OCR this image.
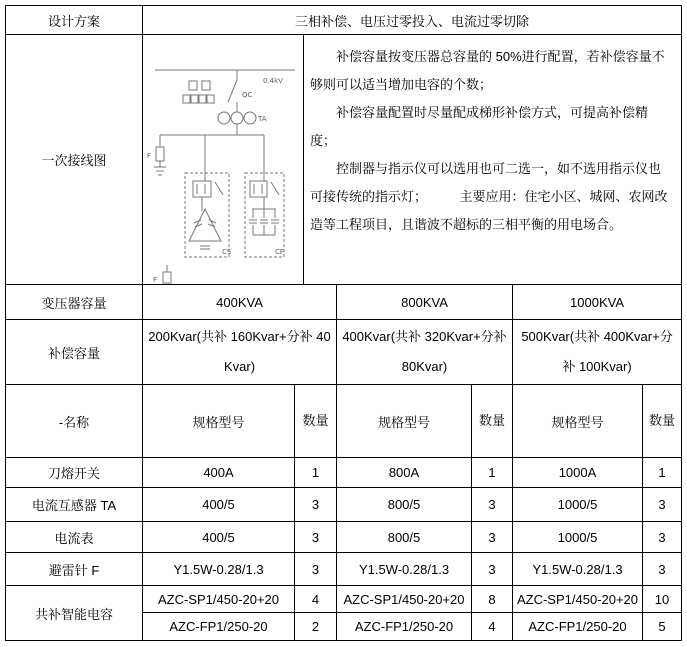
设计方案	三相补偿、电压过零投入、电流过零切除					
一次接线图	
0.4kV
QC
TA
F
CS	CF
F

补偿容量按变压器总容量的 50%进行配置，若补偿容量不够则可以适当增加电容的个数；

补偿容量配置时尽量配成梯形补偿方式，可提高补偿精度；

控制器与指示仪可以选用也可二选一，如不选用指示仪也可接传统的指示灯；　　　主要应用：住宅小区、城网、农网改造等工程项目，且谐波不超标的三相平衡的用电场合。

变压器容量	400KVA		800KVA		1000KVA	
补偿容量	200Kvar(共补 160Kvar+分补 40Kvar)		400Kvar(共补 320Kvar+分补 80Kvar)		500Kvar(共补 400Kvar+分补 100Kvar)	
-名称	规格型号	数量	规格型号	数量	规格型号	数量
刀熔开关	400A	1	800A	1	1000A	1
电流互感器 TA	400/5	3	800/5	3	1000/5	3
电流表	400/5	3	800/5	3	1000/5	3
避雷针 F	Y1.5W-0.28/1.3	3	Y1.5W-0.28/1.3	3	Y1.5W-0.28/1.3	3
共补智能电容	AZC-SP1/450-20+20	4	AZC-SP1/450-20+20	8	AZC-SP1/450-20+20	10
	AZC-FP1/250-20	2	AZC-FP1/250-20	4	AZC-FP1/250-20	5
